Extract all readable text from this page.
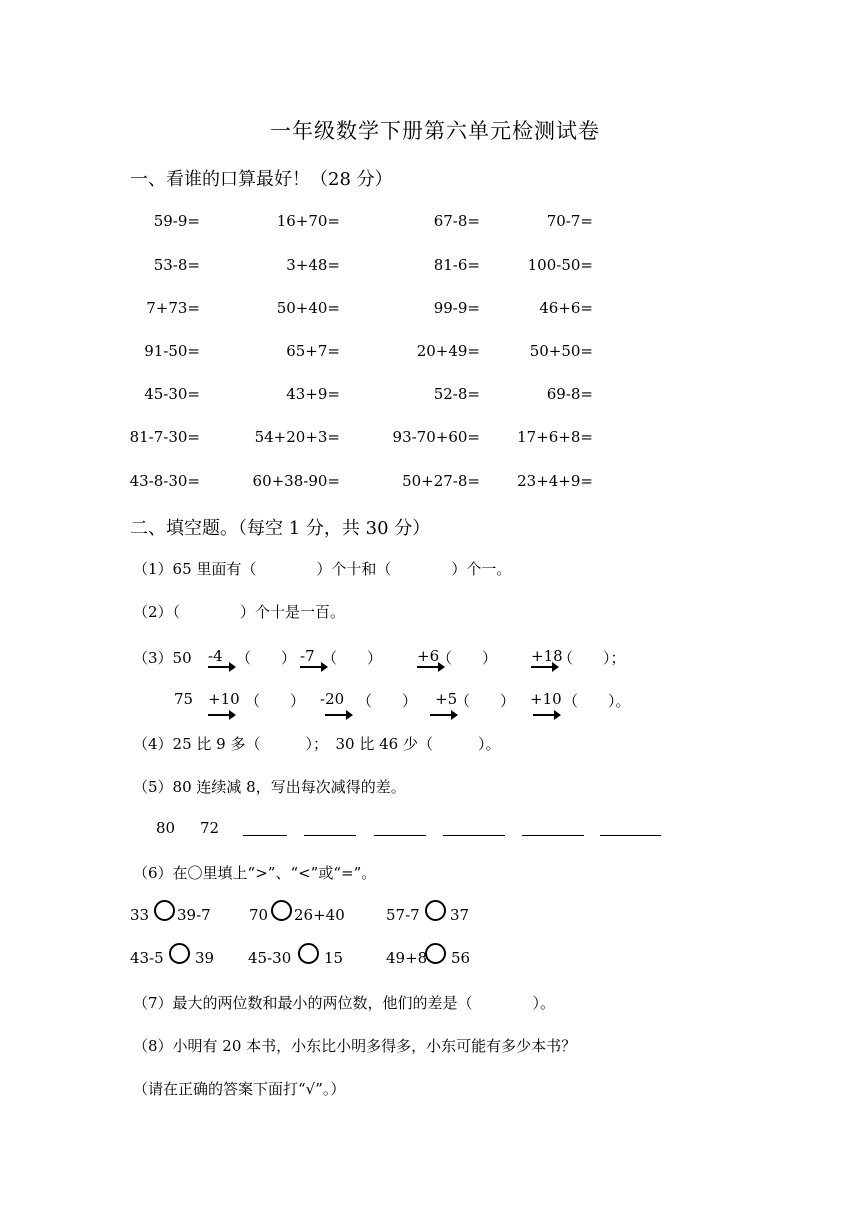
一年级数学下册第六单元检测试卷
一、看谁的口算最好！（28 分）
59-9=	16+70=	67-8=	70-7=
53-8=	3+48=	81-6=	100-50=
7+73=	50+40=	99-9=	46+6=
91-50=	65+7=	20+49=	50+50=
45-30=	43+9=	52-8=	69-8=
81-7-30=	54+20+3=	93-70+60=	17+6+8=
43-8-30=	60+38-90=	50+27-8=	23+4+9=
二、填空题。（每空 1 分，共 30 分）
（1）65 里面有（　　　　）个十和（　　　　）个一。
（2）（　　　　）个十是一百。
（3）50 -4 （　　） -7 （　　） +6
（　　） +18
（　　）；
75 +10 （　　） -20 （　　） +5
（　　） +10 （　　）。
（4）25 比 9 多（　　　）；　30 比 46 少（　　　）。
（5）80 连续减 8，写出每次减得的差。
80 72
（6）在〇里填上“>”、“<”或“=”。
33 39-7	70 26+40	57-7 37
43-5 39 45-30 15	49+8 56
（7）最大的两位数和最小的两位数，他们的差是（　　　　）。
（8）小明有 20 本书，小东比小明多得多，小东可能有多少本书？
（请在正确的答案下面打“√”。）
